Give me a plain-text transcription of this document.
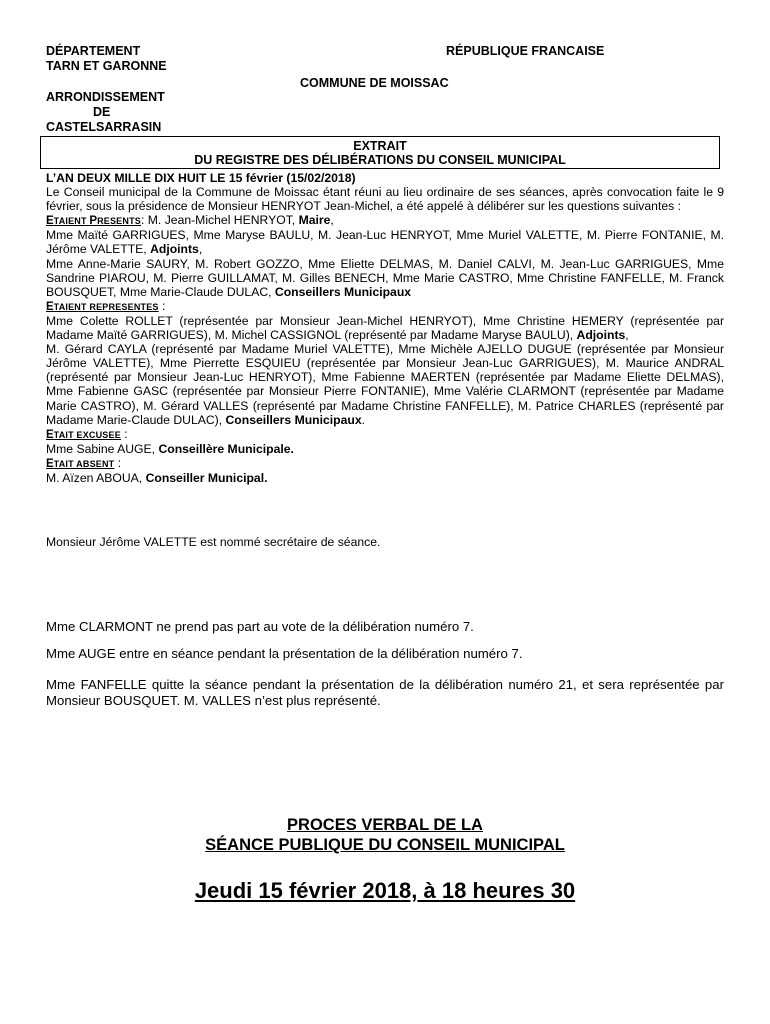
DÉPARTEMENT
TARN ET GARONNE
RÉPUBLIQUE FRANCAISE
COMMUNE DE MOISSAC
ARRONDISSEMENT
DE
CASTELSARRASIN
EXTRAIT
DU REGISTRE DES DÉLIBÉRATIONS DU CONSEIL MUNICIPAL

L’AN DEUX MILLE DIX HUIT LE 15 février (15/02/2018)

Le Conseil municipal de la Commune de Moissac étant réuni au lieu ordinaire de ses séances, après convocation faite le 9 février, sous la présidence de Monsieur HENRYOT Jean-Michel, a été appelé à délibérer sur les questions suivantes :

ETAIENT PRESENTS: M. Jean-Michel HENRYOT, Maire,
Mme Maïté GARRIGUES, Mme Maryse BAULU, M. Jean-Luc HENRYOT, Mme Muriel VALETTE, M. Pierre FONTANIE, M. Jérôme VALETTE, Adjoints,
Mme Anne-Marie SAURY, M. Robert GOZZO, Mme Eliette DELMAS, M. Daniel CALVI, M. Jean-Luc GARRIGUES, Mme Sandrine PIAROU, M. Pierre GUILLAMAT, M. Gilles BENECH, Mme Marie CASTRO, Mme Christine FANFELLE, M. Franck BOUSQUET, Mme Marie-Claude DULAC, Conseillers Municipaux

ETAIENT REPRESENTES :

Mme Colette ROLLET (représentée par Monsieur Jean-Michel HENRYOT), Mme Christine HEMERY (représentée par Madame Maïté GARRIGUES), M. Michel CASSIGNOL (représenté par Madame Maryse BAULU), Adjoints,
M. Gérard CAYLA (représenté par Madame Muriel VALETTE), Mme Michèle AJELLO DUGUE (représentée par Monsieur Jérôme VALETTE), Mme Pierrette ESQUIEU (représentée par Monsieur Jean-Luc GARRIGUES), M. Maurice ANDRAL (représenté par Monsieur Jean-Luc HENRYOT), Mme Fabienne MAERTEN (représentée par Madame Eliette DELMAS), Mme Fabienne GASC (représentée par Monsieur Pierre FONTANIE), Mme Valérie CLARMONT (représentée par Madame Marie CASTRO), M. Gérard VALLES (représenté par Madame Christine FANFELLE), M. Patrice CHARLES (représenté par Madame Marie-Claude DULAC), Conseillers Municipaux.

ETAIT EXCUSEE :

Mme Sabine AUGE, Conseillère Municipale.

ETAIT ABSENT :

M. Aïzen ABOUA, Conseiller Municipal.

Monsieur Jérôme VALETTE est nommé secrétaire de séance.
Mme CLARMONT ne prend pas part au vote de la délibération numéro 7.
Mme AUGE entre en séance pendant la présentation de la délibération numéro 7.
Mme FANFELLE quitte la séance pendant la présentation de la délibération numéro 21, et sera représentée par Monsieur BOUSQUET. M. VALLES n’est plus représenté.
PROCES VERBAL DE LA
SÉANCE PUBLIQUE DU CONSEIL MUNICIPAL
Jeudi 15 février 2018, à 18 heures 30
